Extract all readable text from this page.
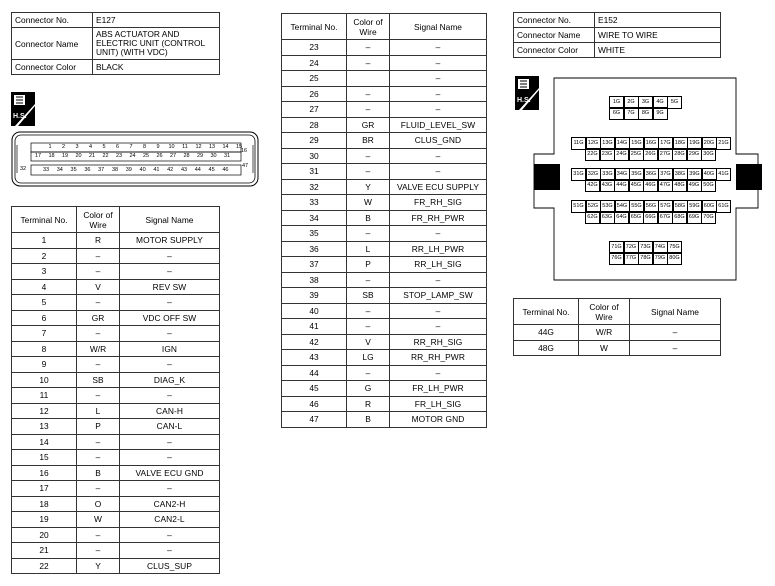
Connector No.	E127
Connector Name	ABS ACTUATOR AND ELECTRIC UNIT (CONTROL UNIT) (WITH VDC)
Connector Color	BLACK
H.S.
1	2	3	4	5	6	7	8	9	10	11	12	13	14	15
17	18	19	20	21	22	23	24	25	26	27	28	29	30	31
33	34	35	36	37	38	39	40	41	42	43	44	45	46
16
32	47
Terminal No.	Color of Wire	Signal Name
1	R	MOTOR SUPPLY
2	–	–
3	–	–
4	V	REV SW
5	–	–
6	GR	VDC OFF SW
7	–	–
8	W/R	IGN
9	–	–
10	SB	DIAG_K
11	–	–
12	L	CAN-H
13	P	CAN-L
14	–	–
15	–	–
16	B	VALVE ECU GND
17	–	–
18	O	CAN2-H
19	W	CAN2-L
20	–	–
21	–	–
22	Y	CLUS_SUP
Terminal No.	Color of Wire	Signal Name
23	–	–
24	–	–
25		–
26	–	–
27	–	–
28	GR	FLUID_LEVEL_SW
29	BR	CLUS_GND
30	–	–
31	–	–
32	Y	VALVE ECU SUPPLY
33	W	FR_RH_SIG
34	B	FR_RH_PWR
35	–	–
36	L	RR_LH_PWR
37	P	RR_LH_SIG
38	–	–
39	SB	STOP_LAMP_SW
40	–	–
41	–	–
42	V	RR_RH_SIG
43	LG	RR_RH_PWR
44	–	–
45	G	FR_LH_PWR
46	R	FR_LH_SIG
47	B	MOTOR GND
Connector No.	E152
Connector Name	WIRE TO WIRE
Connector Color	WHITE
H.S.	1G	2G	3G	4G	5G
6G	7G	8G	9G
11G 12G 13G 14G 15G 16G 17G 18G 19G 20G 21G
22G 23G 24G 25G 26G 27G 28G 29G 30G
31G 32G 33G 34G 35G 36G 37G 38G 39G 40G 41G
42G 43G 44G 45G 46G 47G 48G 49G 50G
51G 52G 53G 54G 55G 56G 57G 58G 59G 60G 61G
62G 63G 64G 65G 66G 67G 68G 69G 70G
71G 72G 73G 74G 75G
76G 77G 78G 79G 80G
Terminal No.	Color of Wire	Signal Name
44G	W/R	–
48G	W	–
